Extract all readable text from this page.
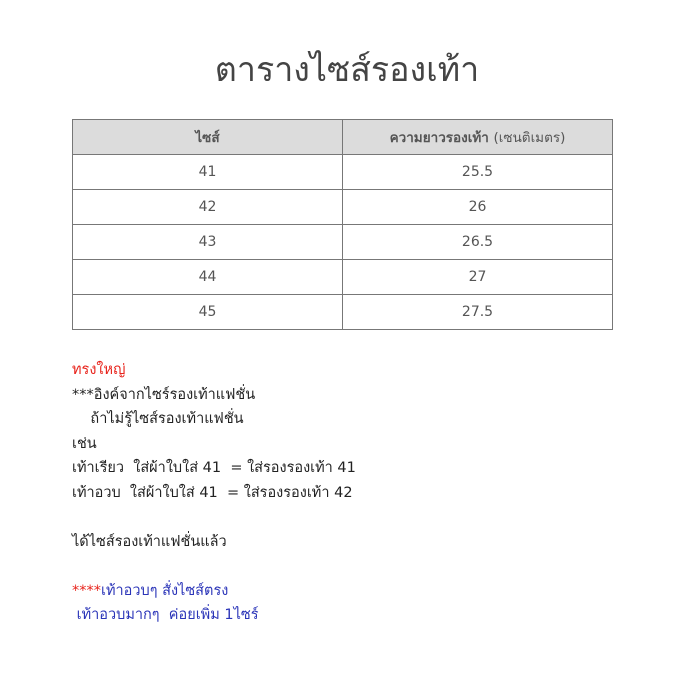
ตารางไซส์รองเท้า
ไซส์	ความยาวรองเท้า (เซนติเมตร)
41	25.5
42	26
43	26.5
44	27
45	27.5
ทรงใหญ่
***อิงค์จากไซร์รองเท้าแฟชั่น
ถ้าไม่รู้ไซส์รองเท้าแฟชั่น
เช่น
เท้าเรียว  ใส่ผ้าใบใส่ 41  = ใส่รองรองเท้า 41
เท้าอวบ  ใส่ผ้าใบใส่ 41  = ใส่รองรองเท้า 42
ได้ไซส์รองเท้าแฟชั่นแล้ว
****เท้าอวบๆ สั่งไซส์ตรง
เท้าอวบมากๆ  ค่อยเพิ่ม 1ไซร์
